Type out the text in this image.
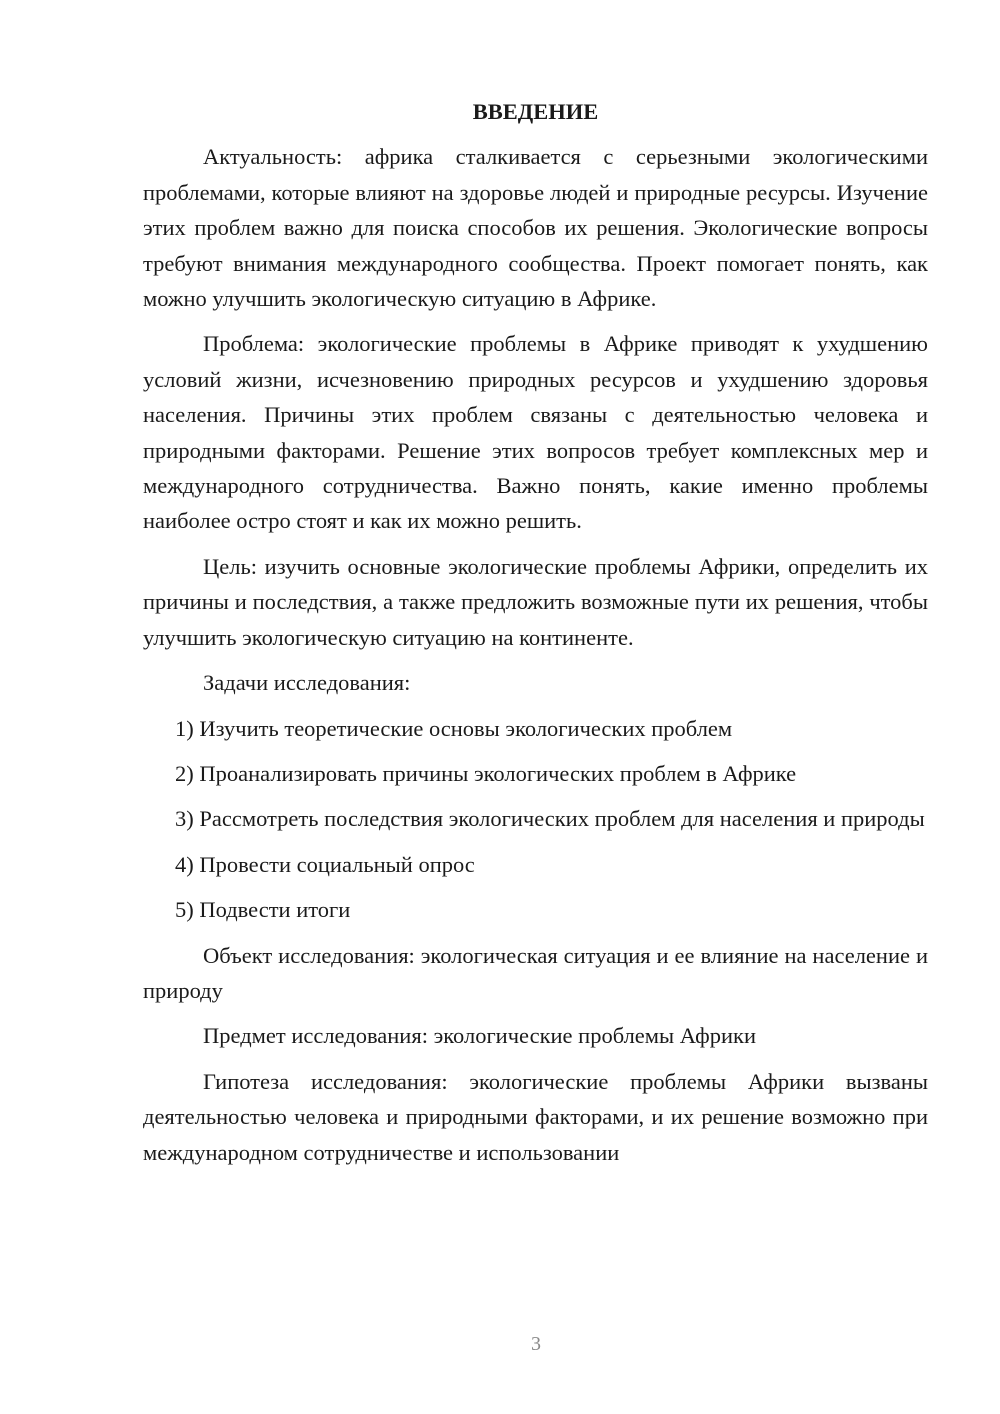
ВВЕДЕНИЕ

Актуальность: африка сталкивается с серьезными экологическими проблемами, которые влияют на здоровье людей и природные ресурсы. Изучение этих проблем важно для поиска способов их решения. Экологические вопросы требуют внимания международного сообщества. Проект помогает понять, как можно улучшить экологическую ситуацию в Африке.

Проблема: экологические проблемы в Африке приводят к ухудшению условий жизни, исчезновению природных ресурсов и ухудшению здоровья населения. Причины этих проблем связаны с деятельностью человека и природными факторами. Решение этих вопросов требует комплексных мер и международного сотрудничества. Важно понять, какие именно проблемы наиболее остро стоят и как их можно решить.

Цель: изучить основные экологические проблемы Африки, определить их причины и последствия, а также предложить возможные пути их решения, чтобы улучшить экологическую ситуацию на континенте.

Задачи исследования:

1) Изучить теоретические основы экологических проблем

2) Проанализировать причины экологических проблем в Африке

3) Рассмотреть последствия экологических проблем для населения и природы

4) Провести социальный опрос

5) Подвести итоги

Объект исследования: экологическая ситуация и ее влияние на население и природу

Предмет исследования: экологические проблемы Африки

Гипотеза исследования: экологические проблемы Африки вызваны деятельностью человека и природными факторами, и их решение возможно при международном сотрудничестве и использовании

3
